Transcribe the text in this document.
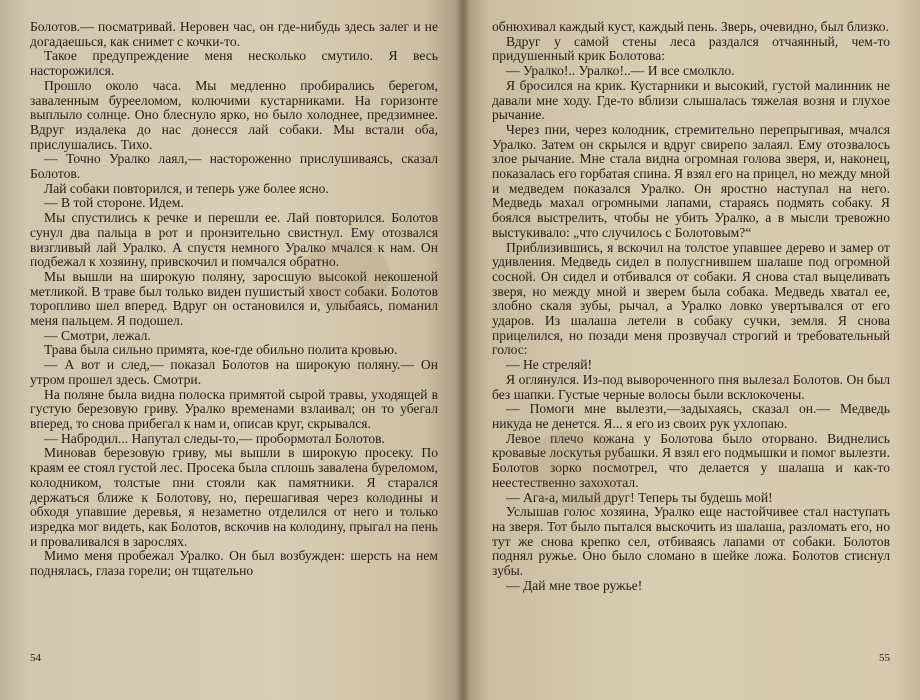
Болотов.— посматривай. Неровен час, он где-нибудь здесь залег и не догадаешься, как снимет с кочки-то.

Такое предупреждение меня несколько смутило. Я весь насторожился.

Прошло около часа. Мы медленно пробирались берегом, заваленным бурееломом, колючими кустарниками. На горизонте выплыло солнце. Оно блеснуло ярко, но было холоднее, предзимнее. Вдруг издалека до нас донесся лай собаки. Мы встали оба, прислушались. Тихо.

— Точно Уралко лаял,— настороженно прислушиваясь, сказал Болотов.

Лай собаки повторился, и теперь уже более ясно.

— В той стороне. Идем.

Мы спустились к речке и перешли ее. Лай повторился. Болотов сунул два пальца в рот и пронзительно свистнул. Ему отозвался визгливый лай Уралко. А спустя немного Уралко мчался к нам. Он подбежал к хозяину, привскочил и помчался обратно.

Мы вышли на широкую поляну, заросшую высокой некошеной метликой. В траве был только виден пушистый хвост собаки. Болотов торопливо шел вперед. Вдруг он остановился и, улыбаясь, поманил меня пальцем. Я подошел.

— Смотри, лежал.

Трава была сильно примята, кое-где обильно полита кровью.

— А вот и след,— показал Болотов на широкую поляну.— Он утром прошел здесь. Смотри.

На поляне была видна полоска примятой сырой травы, уходящей в густую березовую гриву. Уралко временами взлаивал; он то убегал вперед, то снова прибегал к нам и, описав круг, скрывался.

— Набродил... Напутал следы-то,— пробормотал Болотов.

Миновав березовую гриву, мы вышли в широкую просеку. По краям ее стоял густой лес. Просека была сплошь завалена буреломом, колодником, толстые пни стояли как памятники. Я старался держаться ближе к Болотову, но, перешагивая через колодины и обходя упавшие деревья, я незаметно отделился от него и только изредка мог видеть, как Болотов, вскочив на колодину, прыгал на пень и проваливался в зарослях.

Мимо меня пробежал Уралко. Он был возбужден: шерсть на нем поднялась, глаза горели; он тщательно

54

обнюхивал каждый куст, каждый пень. Зверь, очевидно, был близко.

Вдруг у самой стены леса раздался отчаянный, чем-то придушенный крик Болотова:

— Уралко!.. Уралко!..— И все смолкло.

Я бросился на крик. Кустарники и высокий, густой малинник не давали мне ходу. Где-то вблизи слышалась тяжелая возня и глухое рычание.

Через пни, через колодник, стремительно перепрыгивая, мчался Уралко. Затем он скрылся и вдруг свирепо залаял. Ему отозвалось злое рычание. Мне стала видна огромная голова зверя, и, наконец, показалась его горбатая спина. Я взял его на прицел, но между мной и медведем показался Уралко. Он яростно наступал на него. Медведь махал огромными лапами, стараясь подмять собаку. Я боялся выстрелить, чтобы не убить Уралко, а в мысли тревожно выстукивало: „что случилось с Болотовым?“

Приблизившись, я вскочил на толстое упавшее дерево и замер от удивления. Медведь сидел в полусгнившем шалаше под огромной сосной. Он сидел и отбивался от собаки. Я снова стал выцеливать зверя, но между мной и зверем была собака. Медведь хватал ее, злобно скаля зубы, рычал, а Уралко ловко увертывался от его ударов. Из шалаша летели в собаку сучки, земля. Я снова прицелился, но позади меня прозвучал строгий и требовательный голос:

— Не стреляй!

Я оглянулся. Из-под вывороченного пня вылезал Болотов. Он был без шапки. Густые черные волосы были всклокочены.

— Помоги мне вылезти,—задыхаясь, сказал он.— Медведь никуда не денется. Я... я его из своих рук ухлопаю.

Левое плечо кожана у Болотова было оторвано. Виднелись кровавые лоскутья рубашки. Я взял его подмышки и помог вылезти. Болотов зорко посмотрел, что делается у шалаша и как-то неестественно захохотал.

— Ага-а, милый друг! Теперь ты будешь мой!

Услышав голос хозяина, Уралко еще настойчивее стал наступать на зверя. Тот было пытался выскочить из шалаша, разломать его, но тут же снова крепко сел, отбиваясь лапами от собаки. Болотов поднял ружье. Оно было сломано в шейке ложа. Болотов стиснул зубы.

— Дай мне твое ружье!

55
